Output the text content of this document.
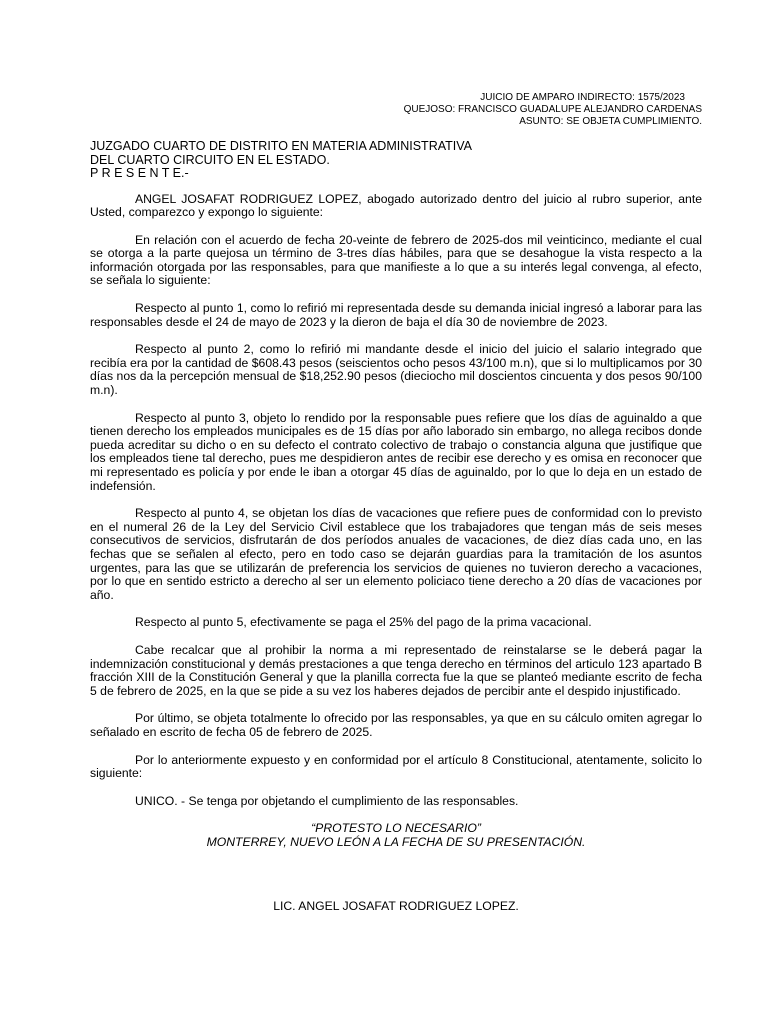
JUICIO DE AMPARO INDIRECTO: 1575/2023
QUEJOSO: FRANCISCO GUADALUPE ALEJANDRO CARDENAS
ASUNTO: SE OBJETA CUMPLIMIENTO.
JUZGADO CUARTO DE DISTRITO EN MATERIA ADMINISTRATIVA
DEL CUARTO CIRCUITO EN EL ESTADO.
P R E S E N T E.-

ANGEL JOSAFAT RODRIGUEZ LOPEZ, abogado autorizado dentro del juicio al rubro superior, ante Usted, comparezco y expongo lo siguiente:

En relación con el acuerdo de fecha 20-veinte de febrero de 2025-dos mil veinticinco, mediante el cual se otorga a la parte quejosa un término de 3-tres días hábiles, para que se desahogue la vista respecto a la información otorgada por las responsables, para que manifieste a lo que a su interés legal convenga, al efecto, se señala lo siguiente:

Respecto al punto 1, como lo refirió mi representada desde su demanda inicial ingresó a laborar para las responsables desde el 24 de mayo de 2023 y la dieron de baja el día 30 de noviembre de 2023.

Respecto al punto 2, como lo refirió mi mandante desde el inicio del juicio el salario integrado que recibía era por la cantidad de $608.43 pesos (seiscientos ocho pesos 43/100 m.n), que si lo multiplicamos por 30 días nos da la percepción mensual de $18,252.90 pesos (dieciocho mil doscientos cincuenta y dos pesos 90/100 m.n).

Respecto al punto 3, objeto lo rendido por la responsable pues refiere que los días de aguinaldo a que tienen derecho los empleados municipales es de 15 días por año laborado sin embargo, no allega recibos donde pueda acreditar su dicho o en su defecto el contrato colectivo de trabajo o constancia alguna que justifique que los empleados tiene tal derecho, pues me despidieron antes de recibir ese derecho y es omisa en reconocer que mi representado es policía y por ende le iban a otorgar 45 días de aguinaldo, por lo que lo deja en un estado de indefensión.

Respecto al punto 4, se objetan los días de vacaciones que refiere pues de conformidad con lo previsto en el numeral 26 de la Ley del Servicio Civil establece que los trabajadores que tengan más de seis meses consecutivos de servicios, disfrutarán de dos períodos anuales de vacaciones, de diez días cada uno, en las fechas que se señalen al efecto, pero en todo caso se dejarán guardias para la tramitación de los asuntos urgentes, para las que se utilizarán de preferencia los servicios de quienes no tuvieron derecho a vacaciones, por lo que en sentido estricto a derecho al ser un elemento policiaco tiene derecho a 20 días de vacaciones por año.

Respecto al punto 5, efectivamente se paga el 25% del pago de la prima vacacional.

Cabe recalcar que al prohibir la norma a mi representado de reinstalarse se le deberá pagar la indemnización constitucional y demás prestaciones a que tenga derecho en términos del articulo 123 apartado B fracción XIII de la Constitución General y que la planilla correcta fue la que se planteó mediante escrito de fecha 5 de febrero de 2025, en la que se pide a su vez los haberes dejados de percibir ante el despido injustificado.

Por último, se objeta totalmente lo ofrecido por las responsables, ya que en su cálculo omiten agregar lo señalado en escrito de fecha 05 de febrero de 2025.

Por lo anteriormente expuesto y en conformidad por el artículo 8 Constitucional, atentamente, solicito lo siguiente:

UNICO. - Se tenga por objetando el cumplimiento de las responsables.

“PROTESTO LO NECESARIO”
MONTERREY, NUEVO LEÓN A LA FECHA DE SU PRESENTACIÓN.
LIC. ANGEL JOSAFAT RODRIGUEZ LOPEZ.
